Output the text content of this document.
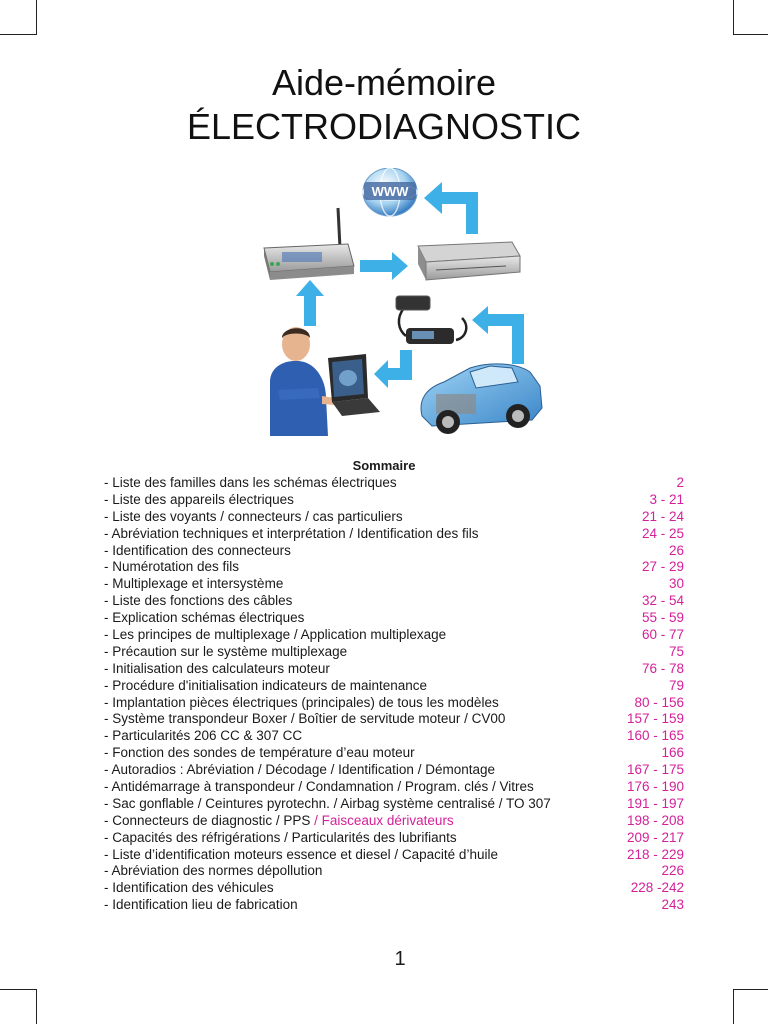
Aide-mémoire
ÉLECTRODIAGNOSTIC
WWW
Sommaire
- Liste des familles dans les schémas électriques	2
- Liste des appareils électriques	3 - 21
- Liste des voyants / connecteurs / cas particuliers	21 - 24
- Abréviation techniques et interprétation / Identification des fils	24 - 25
- Identification des connecteurs	26
- Numérotation des fils	27 - 29
- Multiplexage et intersystème	30
- Liste des fonctions des câbles	32 - 54
- Explication schémas électriques	55 - 59
- Les principes de multiplexage / Application multiplexage	60 - 77
- Précaution sur le système multiplexage	75
- Initialisation des calculateurs moteur	76 - 78
- Procédure d'initialisation indicateurs de maintenance	79
- Implantation pièces électriques (principales) de tous les modèles	80 - 156
- Système transpondeur Boxer / Boîtier de servitude moteur / CV00	157 - 159
- Particularités 206 CC & 307 CC	160 - 165
- Fonction des sondes de température d’eau moteur	166
- Autoradios : Abréviation / Décodage / Identification / Démontage	167 - 175
- Antidémarrage à transpondeur / Condamnation / Program. clés / Vitres	176 - 190
- Sac gonflable / Ceintures pyrotechn. / Airbag système centralisé / TO 307	191 - 197
- Connecteurs de diagnostic / PPS / Faisceaux dérivateurs	198 - 208
- Capacités des réfrigérations / Particularités des lubrifiants	209 - 217
- Liste d’identification moteurs essence et diesel / Capacité d’huile	218 - 229
- Abréviation des normes dépollution	226
- Identification des véhicules	228 -242
- Identification lieu de fabrication	243
1
